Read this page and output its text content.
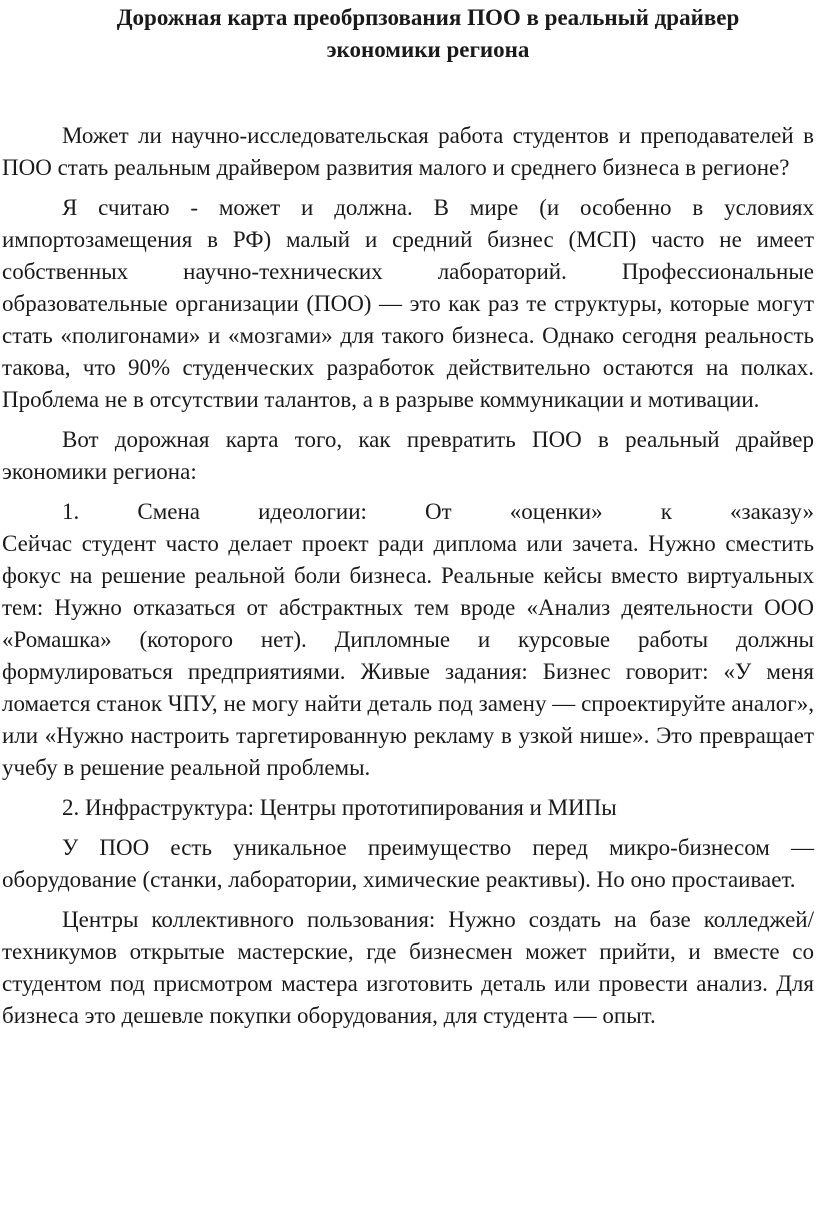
Дорожная карта преобрпзования ПОО в реальный драйвер
экономики региона

Может ли научно-исследовательская работа студентов и преподавателей в ПОО стать реальным драйвером развития малого и среднего бизнеса в регионе?

Я считаю - может и должна. В мире (и особенно в условиях импортозамещения в РФ) малый и средний бизнес (МСП) часто не имеет собственных научно-технических лабораторий. Профессиональные образовательные организации (ПОО) — это как раз те структуры, которые могут стать «полигонами» и «мозгами» для такого бизнеса. Однако сегодня реальность такова, что 90% студенческих разработок действительно остаются на полках. Проблема не в отсутствии талантов, а в разрыве коммуникации и мотивации.

Вот дорожная карта того, как превратить ПОО в реальный драйвер экономики региона:

1. Смена идеологии: От «оценки» к «заказу»

Сейчас студент часто делает проект ради диплома или зачета. Нужно сместить фокус на решение реальной боли бизнеса. Реальные кейсы вместо виртуальных тем: Нужно отказаться от абстрактных тем вроде «Анализ деятельности ООО «Ромашка» (которого нет). Дипломные и курсовые работы должны формулироваться предприятиями. Живые задания: Бизнес говорит: «У меня ломается станок ЧПУ, не могу найти деталь под замену — спроектируйте аналог», или «Нужно настроить таргетированную рекламу в узкой нише». Это превращает учебу в решение реальной проблемы.

2. Инфраструктура: Центры прототипирования и МИПы

У ПОО есть уникальное преимущество перед микро-бизнесом — оборудование (станки, лаборатории, химические реактивы). Но оно простаивает.

Центры коллективного пользования: Нужно создать на базе колледжей/техникумов открытые мастерские, где бизнесмен может прийти, и вместе со студентом под присмотром мастера изготовить деталь или провести анализ. Для бизнеса это дешевле покупки оборудования, для студента — опыт.
